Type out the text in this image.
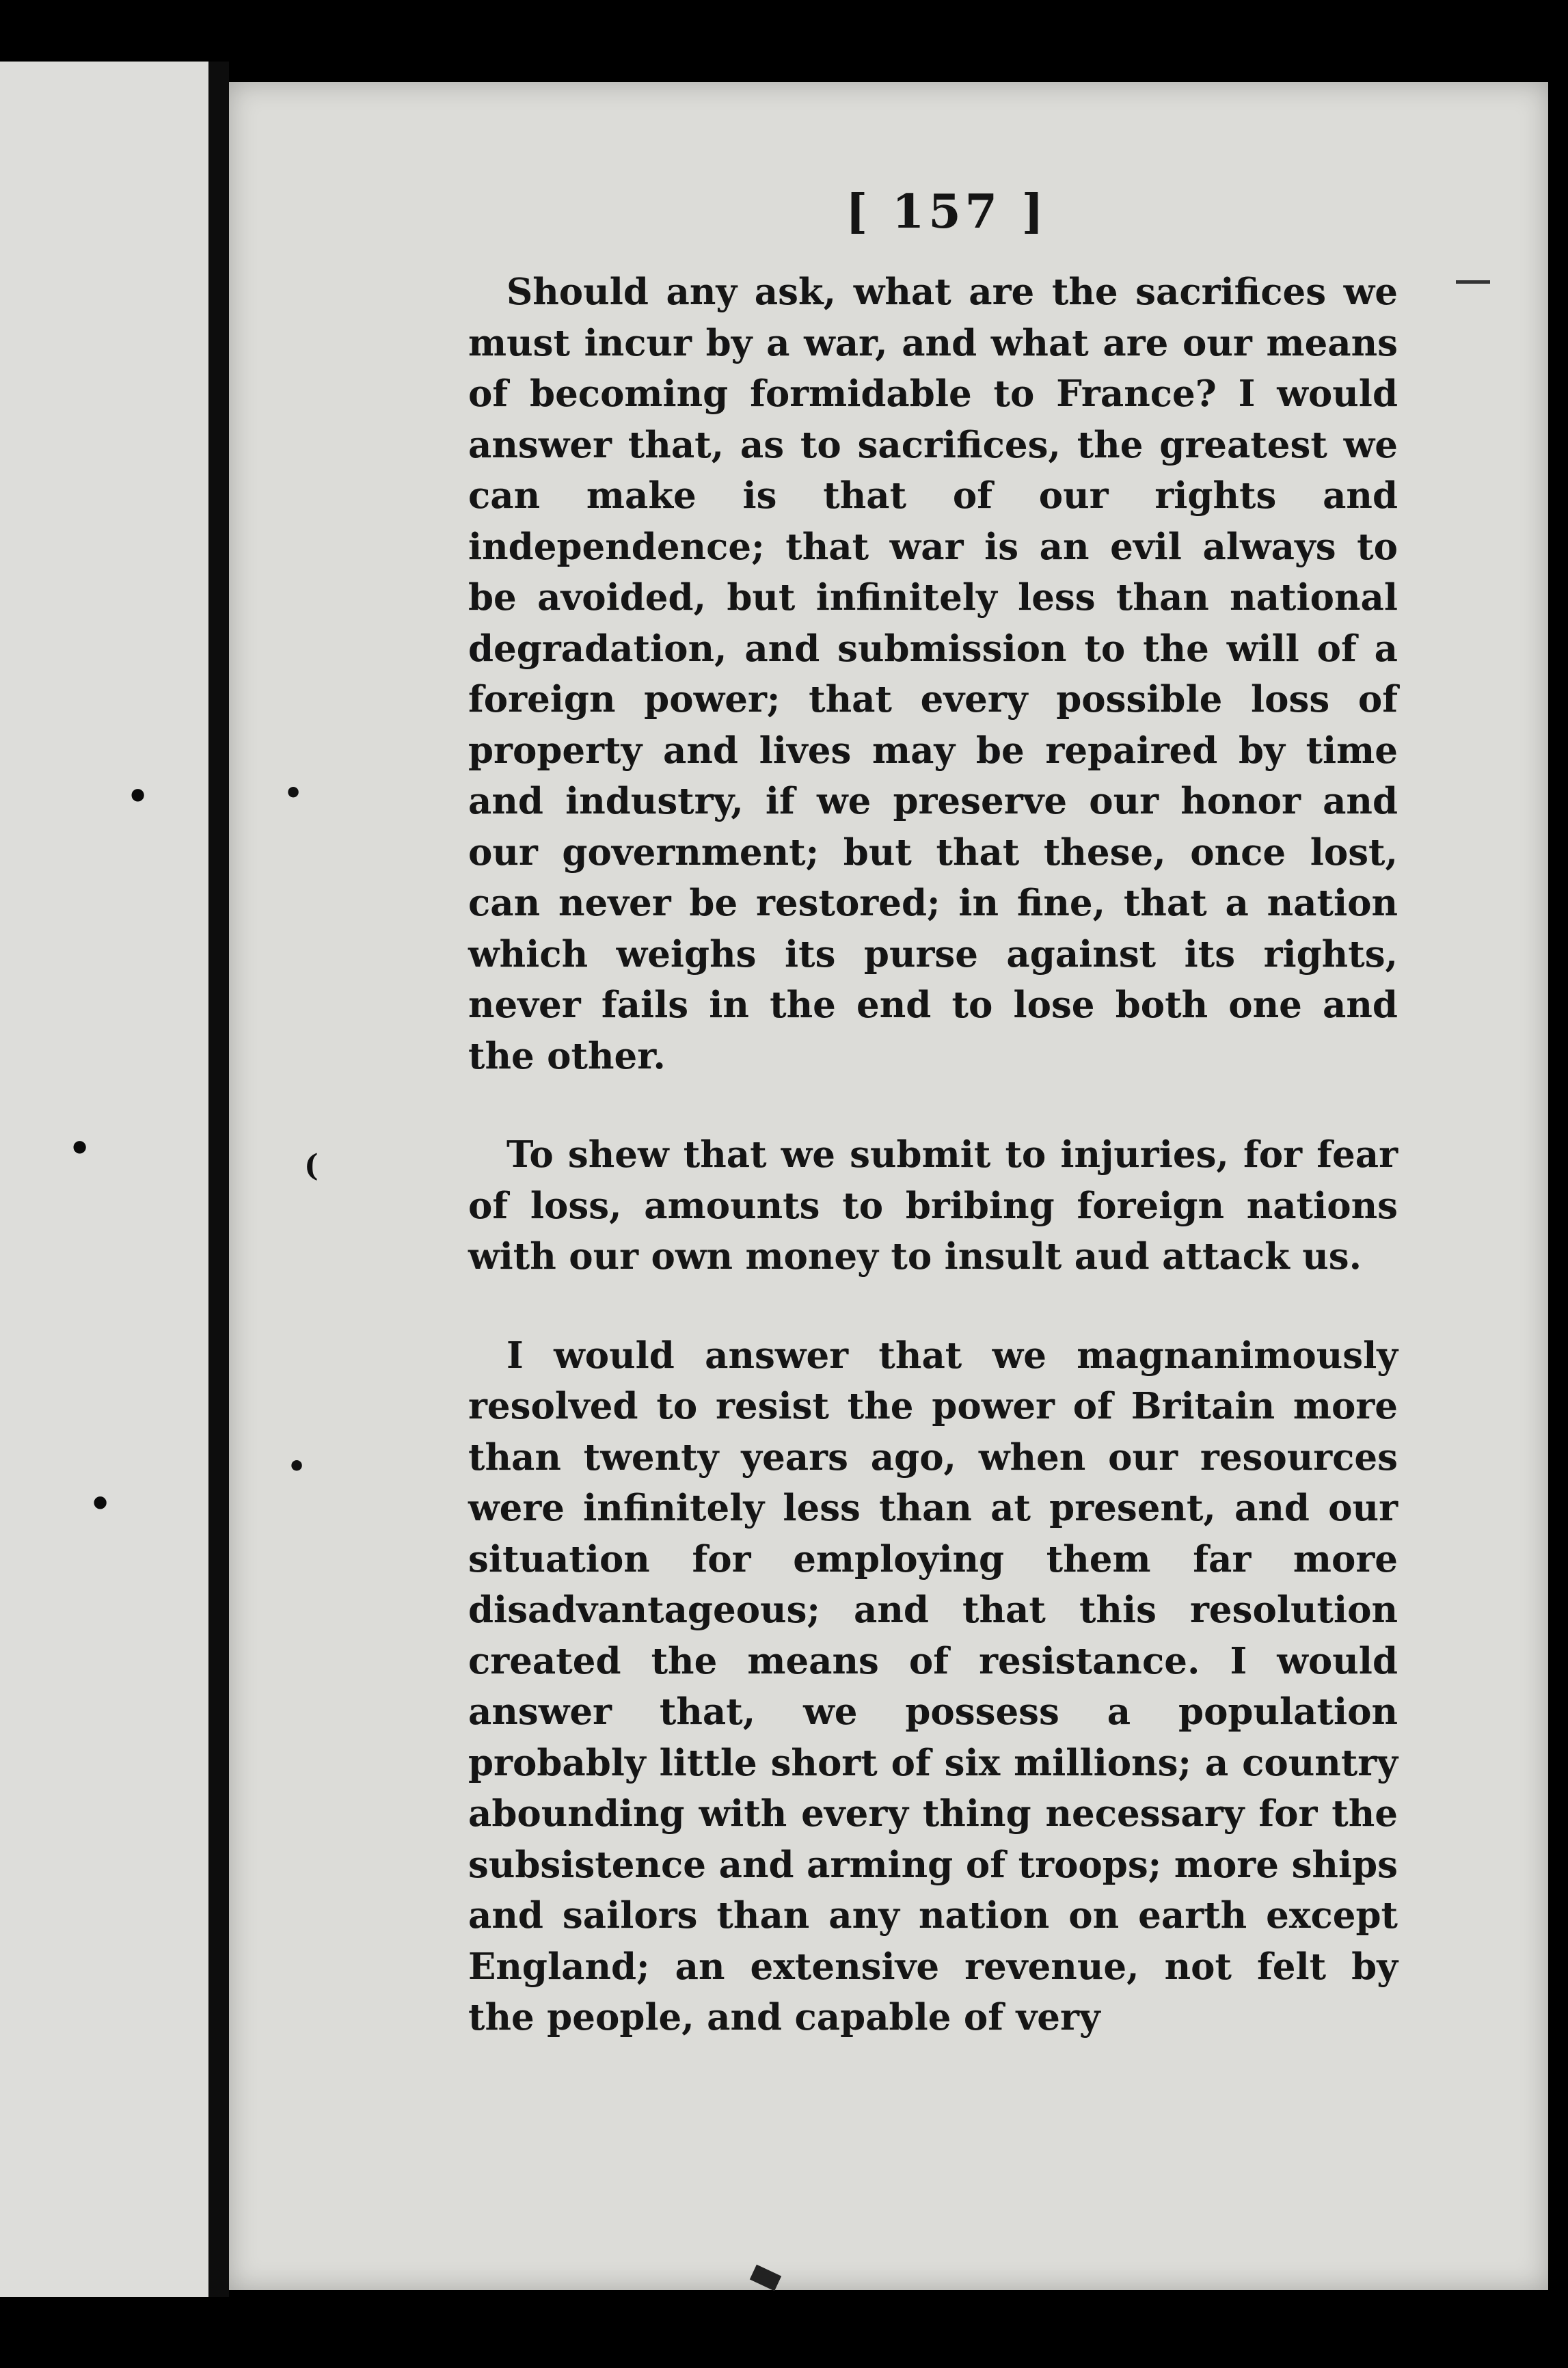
•
•
•
•
(
•
[ 157 ]

Should any ask, what are the sacrifices we must incur by a war, and what are our means of becoming formidable to France? I would answer that, as to sacrifices, the greatest we can make is that of our rights and independence; that war is an evil always to be avoided, but infinitely less than national degradation, and submission to the will of a foreign power; that every possible loss of property and lives may be repaired by time and industry, if we preserve our honor and our government; but that these, once lost, can never be restored; in fine, that a nation which weighs its purse against its rights, never fails in the end to lose both one and the other.

To shew that we submit to injuries, for fear of loss, amounts to bribing foreign nations with our own money to insult aud attack us.

I would answer that we magnanimously resolved to resist the power of Britain more than twenty years ago, when our resources were infinitely less than at present, and our situation for employing them far more disadvantageous; and that this resolution created the means of resistance. I would answer that, we possess a population probably little short of six millions; a country abounding with every thing necessary for the subsistence and arming of troops; more ships and sailors than any nation on earth except England; an extensive revenue, not felt by the people, and capable of very
